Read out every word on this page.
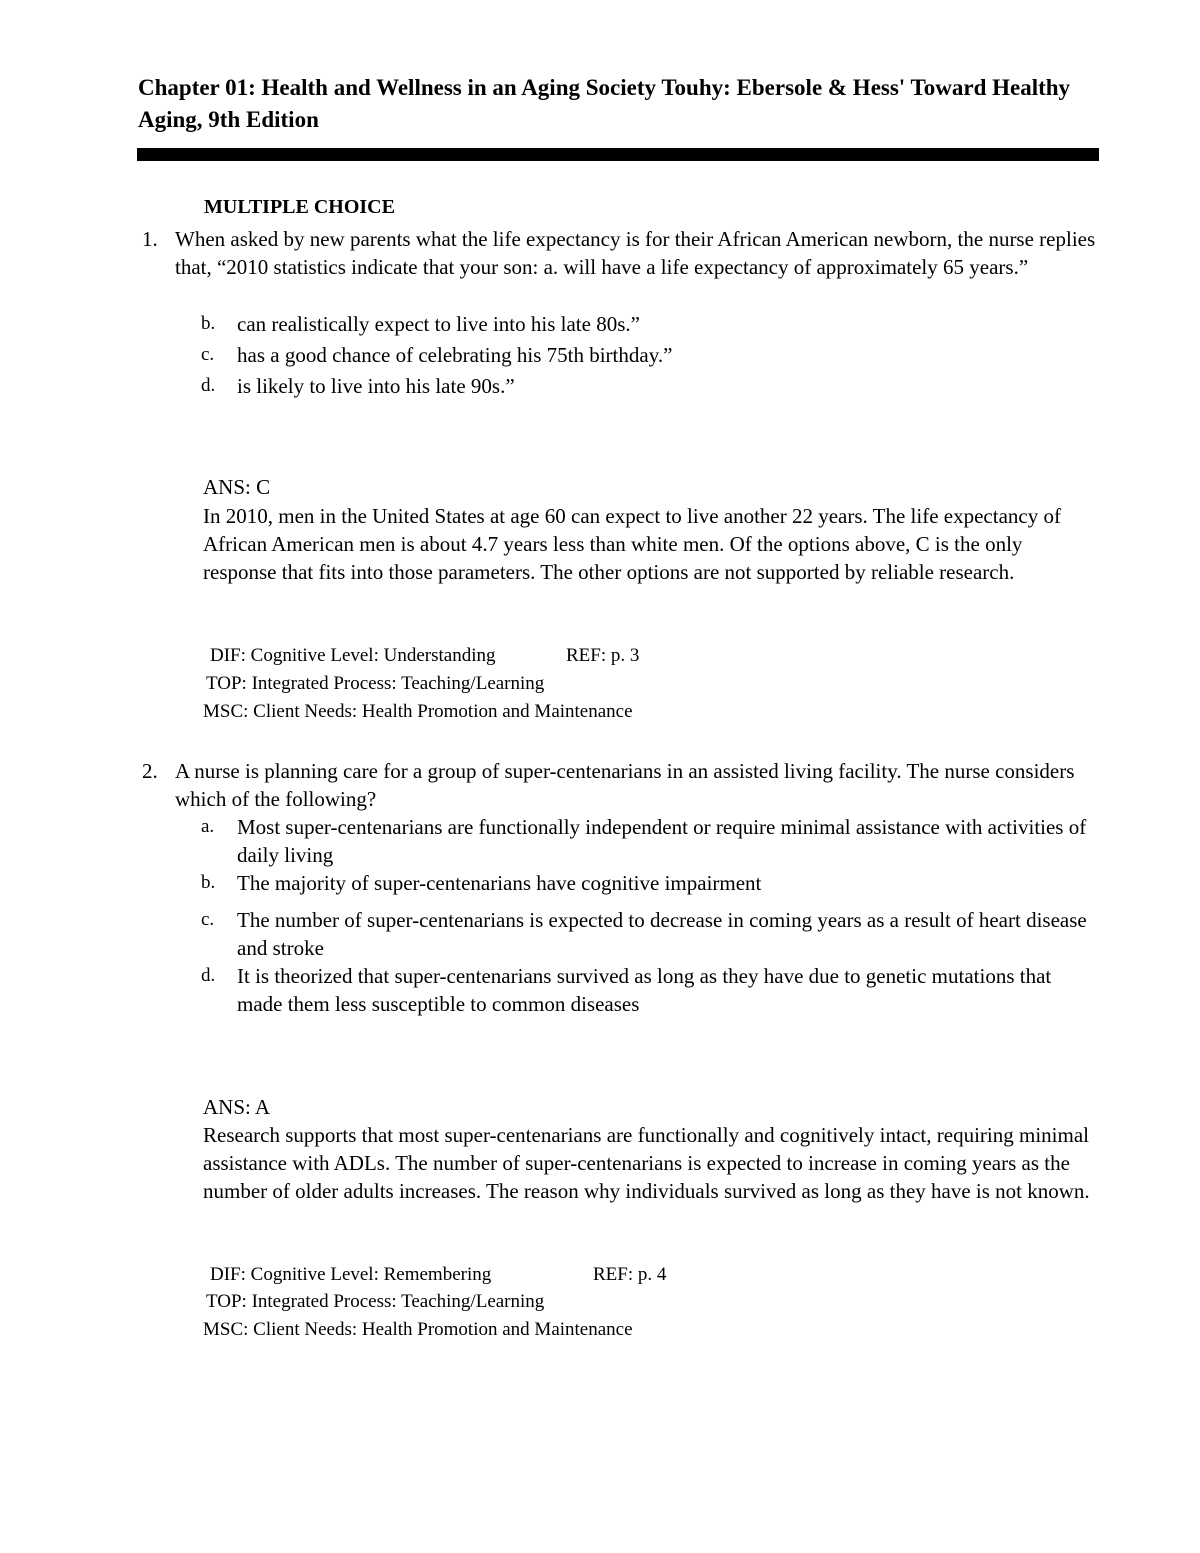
Chapter 01: Health and Wellness in an Aging Society Touhy: Ebersole & Hess' Toward Healthy Aging, 9th Edition
MULTIPLE CHOICE
1. When asked by new parents what the life expectancy is for their African American newborn, the nurse replies that, “2010 statistics indicate that your son: a. will have a life expectancy of approximately 65 years.”
b. can realistically expect to live into his late 80s.”
c. has a good chance of celebrating his 75th birthday.”
d. is likely to live into his late 90s.”
ANS: C
In 2010, men in the United States at age 60 can expect to live another 22 years. The life expectancy of African American men is about 4.7 years less than white men. Of the options above, C is the only response that fits into those parameters. The other options are not supported by reliable research.
DIF: Cognitive Level: Understanding	REF: p. 3
TOP: Integrated Process: Teaching/Learning
MSC: Client Needs: Health Promotion and Maintenance
2. A nurse is planning care for a group of super-centenarians in an assisted living facility. The nurse considers which of the following?
a. Most super-centenarians are functionally independent or require minimal assistance with activities of daily living
b. The majority of super-centenarians have cognitive impairment
c. The number of super-centenarians is expected to decrease in coming years as a result of heart disease and stroke
d. It is theorized that super-centenarians survived as long as they have due to genetic mutations that made them less susceptible to common diseases
ANS: A
Research supports that most super-centenarians are functionally and cognitively intact, requiring minimal assistance with ADLs. The number of super-centenarians is expected to increase in coming years as the number of older adults increases. The reason why individuals survived as long as they have is not known.
DIF: Cognitive Level: Remembering	REF: p. 4
TOP: Integrated Process: Teaching/Learning
MSC: Client Needs: Health Promotion and Maintenance
